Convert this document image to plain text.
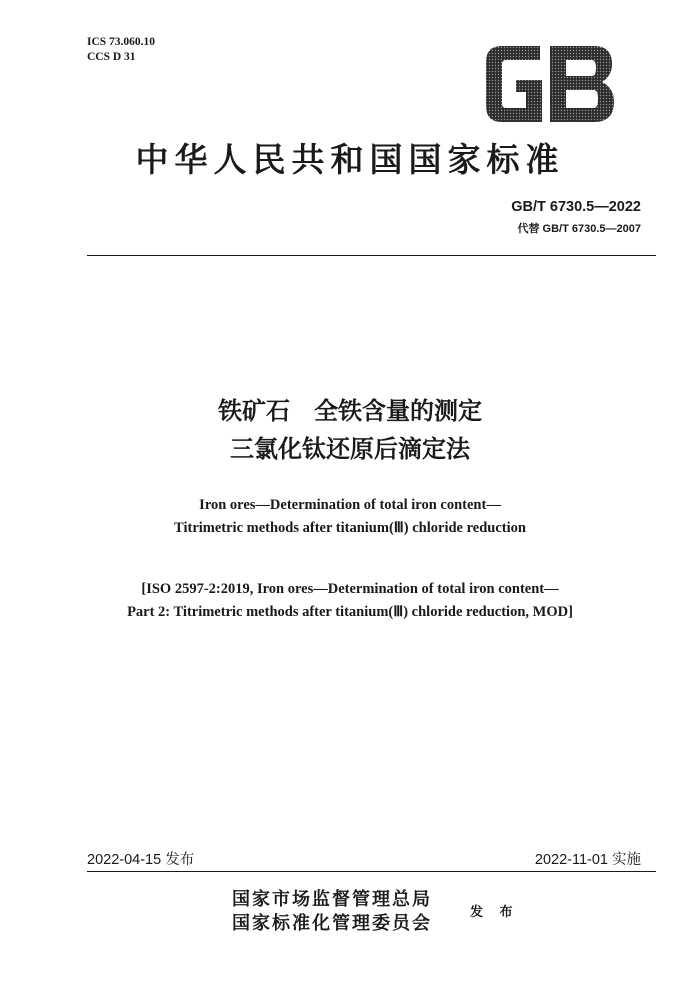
ICS 73.060.10
CCS D 31
中华人民共和国国家标准
GB/T 6730.5—2022
代替 GB/T 6730.5—2007
铁矿石　全铁含量的测定
三氯化钛还原后滴定法
Iron ores—Determination of total iron content—
Titrimetric methods after titanium(Ⅲ) chloride reduction
[ISO 2597-2:2019, Iron ores—Determination of total iron content—
Part 2: Titrimetric methods after titanium(Ⅲ) chloride reduction, MOD]
2022-04-15 发布	2022-11-01 实施
国家市场监督管理总局
国家标准化管理委员会
发 布
